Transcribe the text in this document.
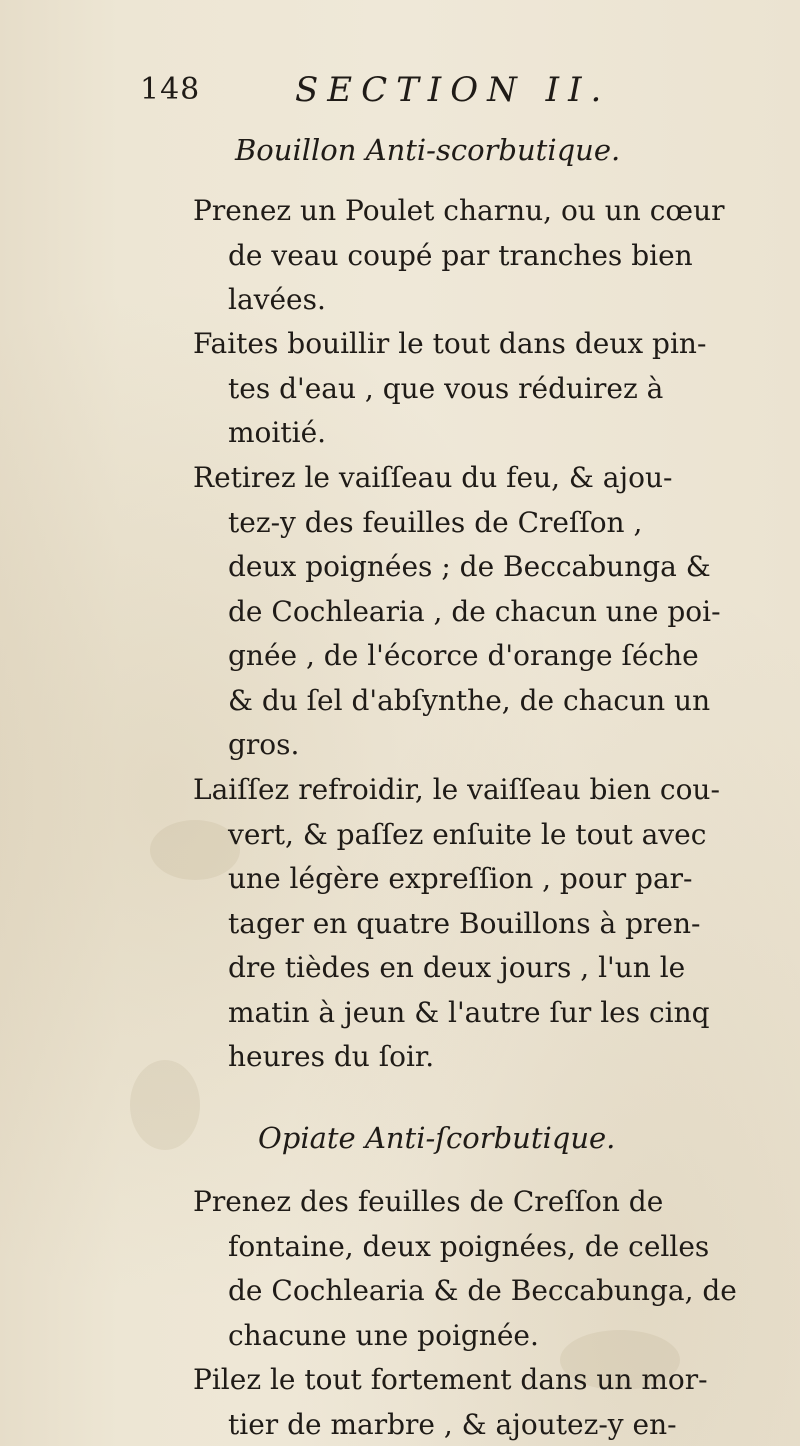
148	SECTION II.
Bouillon Anti-scorbutique.
Prenez un Poulet charnu, ou un cœur
de veau coupé par tranches bien
lavées.
Faites bouillir le tout dans deux pin-
tes d'eau , que vous réduirez à
moitié.
Retirez le vaiſſeau du feu, & ajou-
tez-y des feuilles de Creſſon ,
deux poignées ; de Beccabunga &
de Cochlearia , de chacun une poi-
gnée , de l'écorce d'orange ſéche
& du ſel d'abſynthe, de chacun un
gros.
Laiſſez refroidir, le vaiſſeau bien cou-
vert, & paſſez enſuite le tout avec
une légère expreſſion , pour par-
tager en quatre Bouillons à pren-
dre tièdes en deux jours , l'un le
matin à jeun & l'autre ſur les cinq
heures du ſoir.
Opiate Anti-ſcorbutique.
Prenez des feuilles de Creſſon de
fontaine, deux poignées, de celles
de Cochlearia & de Beccabunga, de
chacune une poignée.
Pilez le tout fortement dans un mor-
tier de marbre , & ajoutez-y en-
